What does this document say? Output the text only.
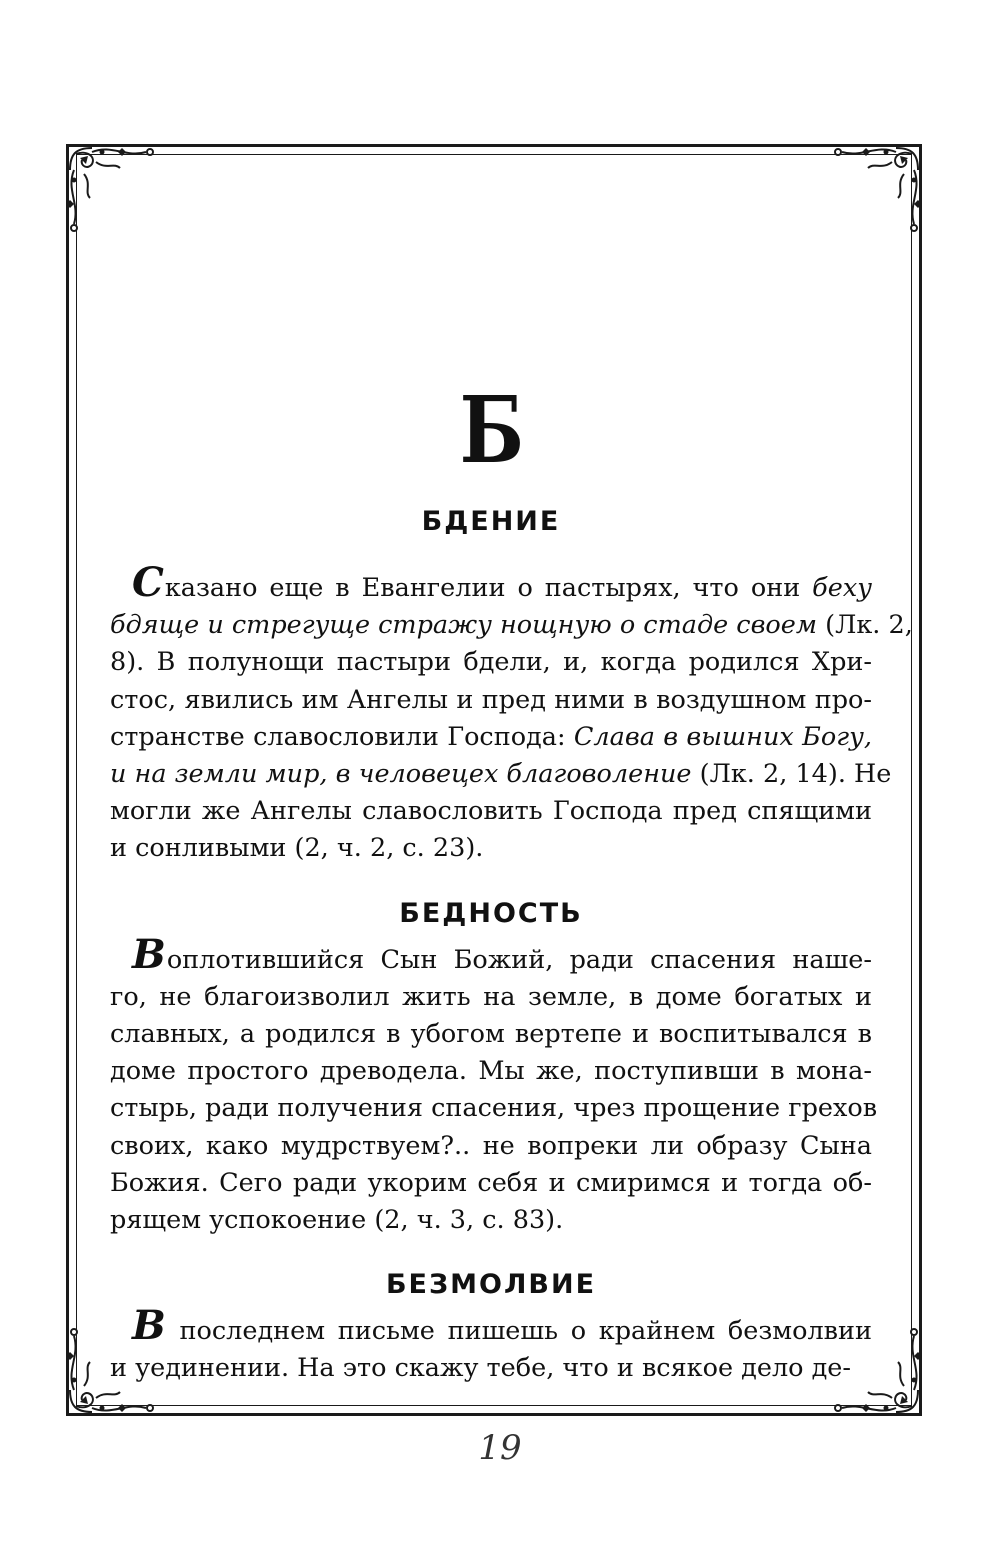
Б
БДЕНИЕ
Сказано еще в Евангелии о пастырях, что они беху
бдяще и стрегуще стражу нощную о стаде своем (Лк. 2,
8). В полунощи пастыри бдели, и, когда родился Хри-
стос, явились им Ангелы и пред ними в воздушном про-
странстве славословили Господа: Слава в вышних Богу,
и на земли мир, в человецех благоволение (Лк. 2, 14). Не
могли же Ангелы славословить Господа пред спящими
и сонливыми (2, ч. 2, с. 23).
БЕДНОСТЬ
Воплотившийся Сын Божий, ради спасения наше-
го, не благоизволил жить на земле, в доме богатых и
славных, а родился в убогом вертепе и воспитывался в
доме простого древодела. Мы же, поступивши в мона-
стырь, ради получения спасения, чрез прощение грехов
своих, како мудрствуем?.. не вопреки ли образу Сына
Божия. Сего ради укорим себя и смиримся и тогда об-
рящем успокоение (2, ч. 3, с. 83).
БЕЗМОЛВИЕ
В последнем письме пишешь о крайнем безмолвии
и уединении. На это скажу тебе, что и всякое дело де-
19
